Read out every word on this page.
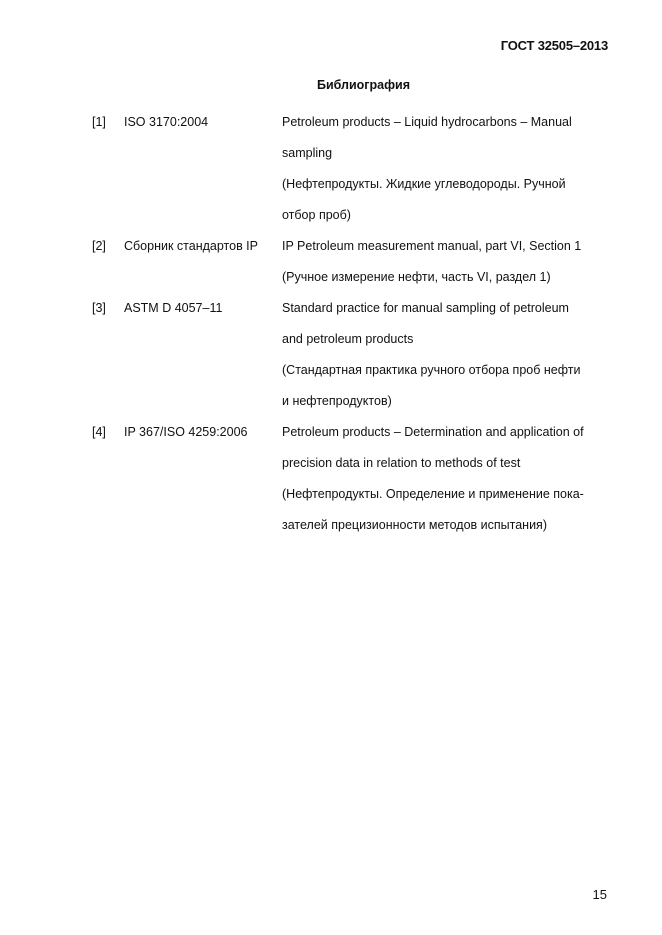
ГОСТ 32505–2013
Библиография
[1]	ISO 3170:2004	Petroleum products – Liquid hydrocarbons – Manual
sampling
(Нефтепродукты. Жидкие углеводороды. Ручной
отбор проб)
[2]	Сборник стандартов IP	IP Petroleum measurement manual, part VI, Section 1
(Ручное измерение нефти, часть VI, раздел 1)
[3]	ASTM D 4057–11	Standard practice for manual sampling of petroleum
and petroleum products
(Стандартная практика ручного отбора проб нефти
и нефтепродуктов)
[4]	IP 367/ISO 4259:2006	Petroleum products – Determination and application of
precision data in relation to methods of test
(Нефтепродукты. Определение и применение пока-
зателей прецизионности методов испытания)
15
